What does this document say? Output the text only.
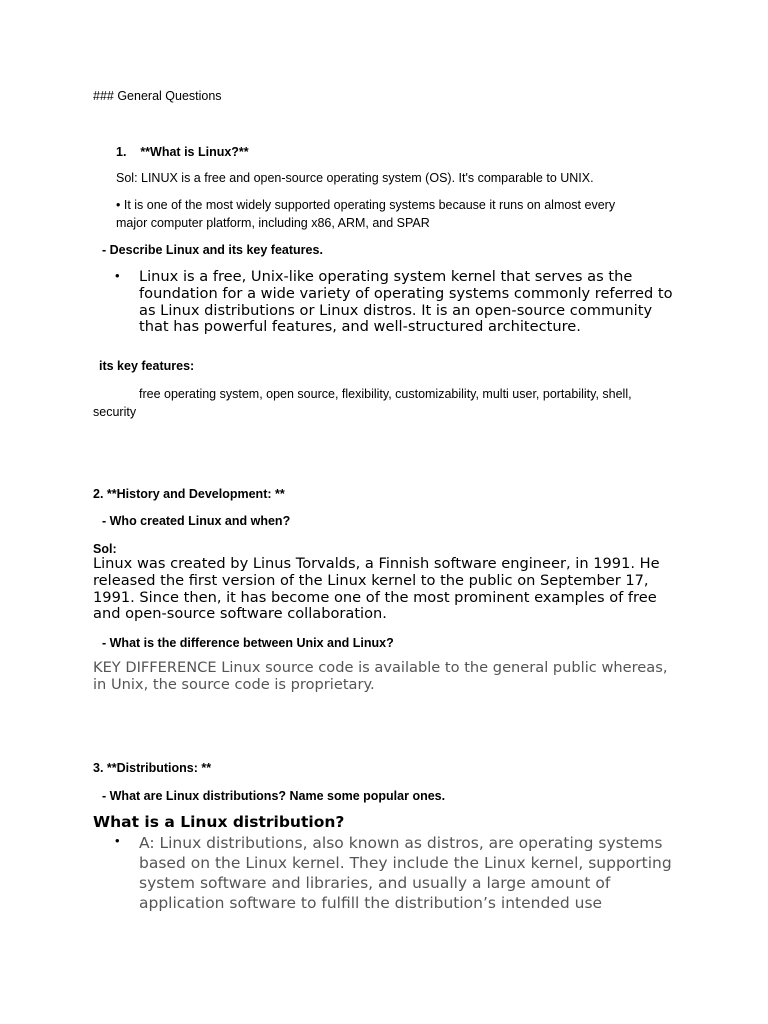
### General Questions

1.    **What is Linux?**

Sol: LINUX is a free and open-source operating system (OS). It's comparable to UNIX.

• It is one of the most widely supported operating systems because it runs on almost every

major computer platform, including x86, ARM, and SPAR

- Describe Linux and its key features.

• Linux is a free, Unix-like operating system kernel that serves as the foundation for a wide variety of operating systems commonly referred to as Linux distributions or Linux distros. It is an open-source community that has powerful features, and well-structured architecture.

its key features:

free operating system, open source, flexibility, customizability, multi user, portability, shell,

security

2. **History and Development: **

- Who created Linux and when?

Sol:

Linux was created by Linus Torvalds, a Finnish software engineer, in 1991. He released the first version of the Linux kernel to the public on September 17, 1991. Since then, it has become one of the most prominent examples of free and open-source software collaboration.

- What is the difference between Unix and Linux?

KEY DIFFERENCE Linux source code is available to the general public whereas, in Unix, the source code is proprietary.

3. **Distributions: **

- What are Linux distributions? Name some popular ones.

What is a Linux distribution?

• A: Linux distributions, also known as distros, are operating systems based on the Linux kernel. They include the Linux kernel, supporting system software and libraries, and usually a large amount of application software to fulfill the distribution’s intended use
